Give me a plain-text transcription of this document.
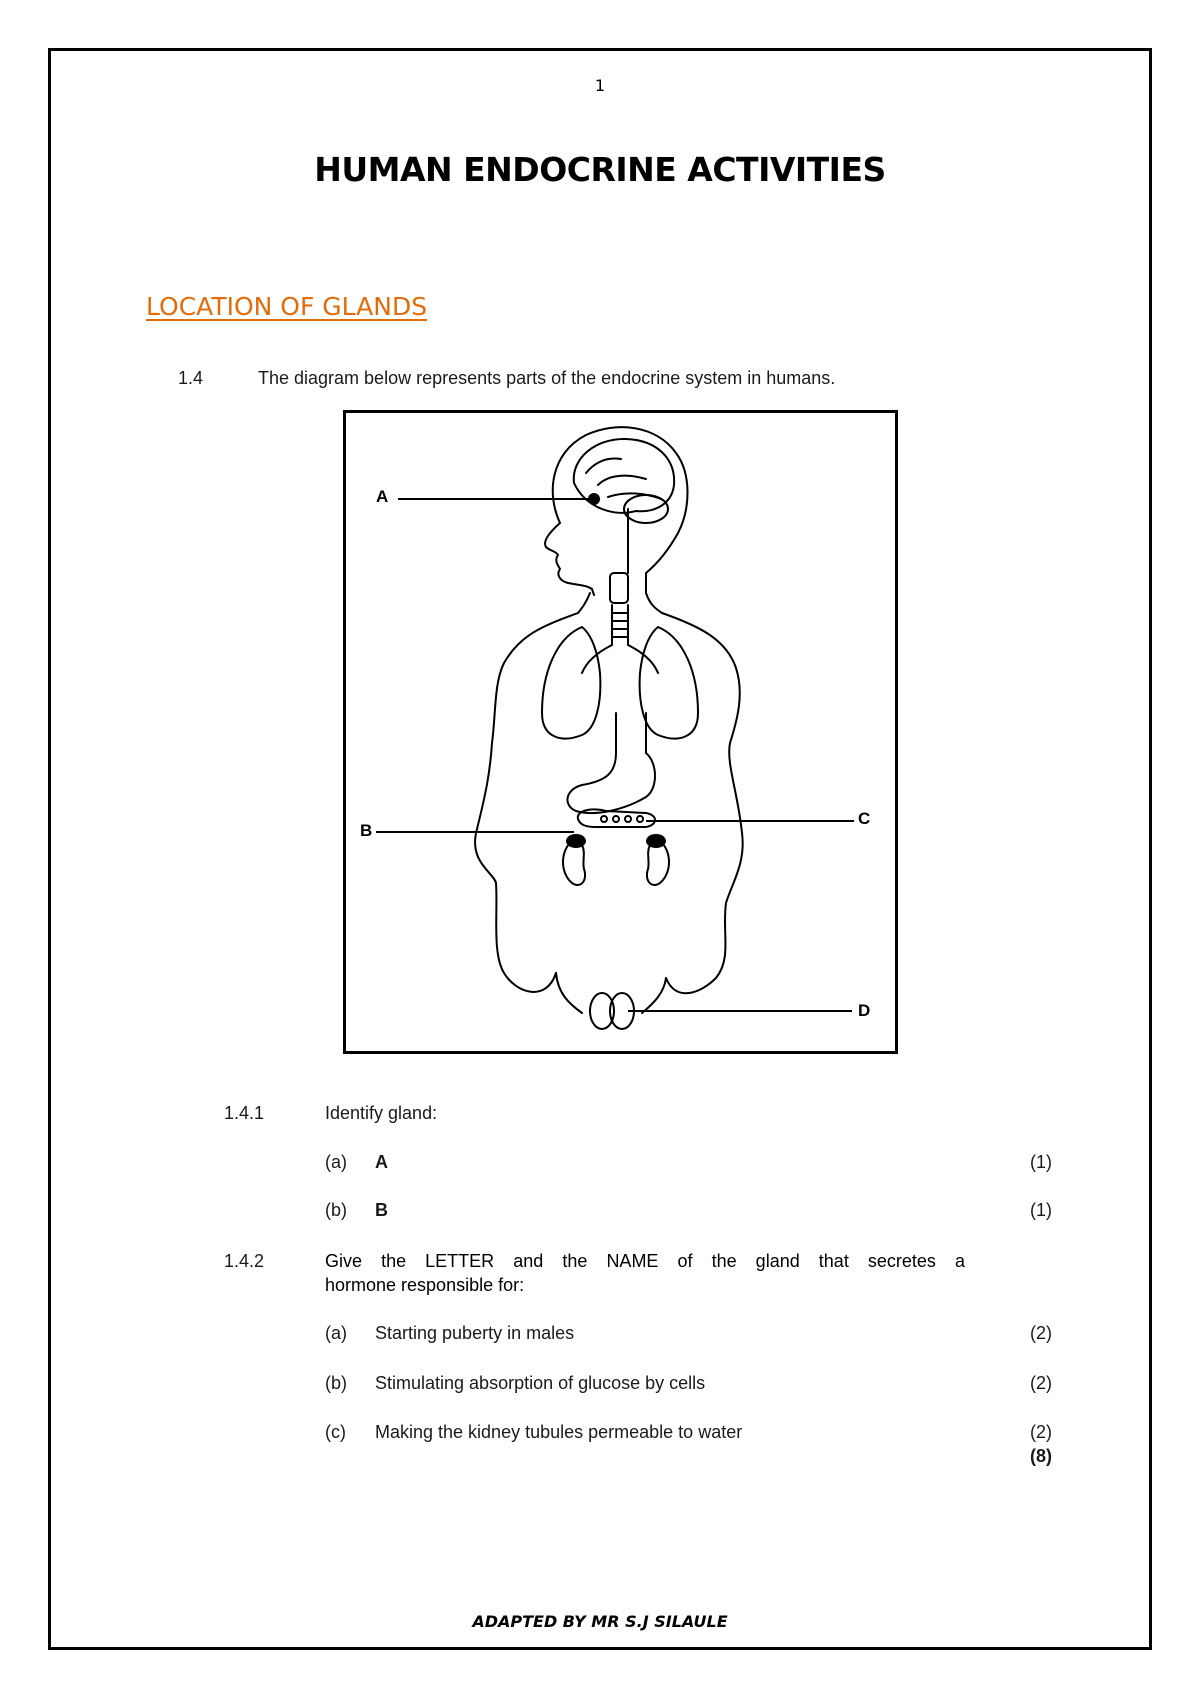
1
HUMAN ENDOCRINE ACTIVITIES
LOCATION OF GLANDS
1.4	The diagram below represents parts of the endocrine system in humans.
A
B
C
D
1.4.1	Identify gland:
(a) A	(1)
(b) B	(1)
1.4.2	Give the LETTER and the NAME of the gland that secretes a
hormone responsible for:
(a) Starting puberty in males	(2)
(b) Stimulating absorption of glucose by cells	(2)
(c) Making the kidney tubules permeable to water	(2)
(8)
ADAPTED BY MR S.J SILAULE
